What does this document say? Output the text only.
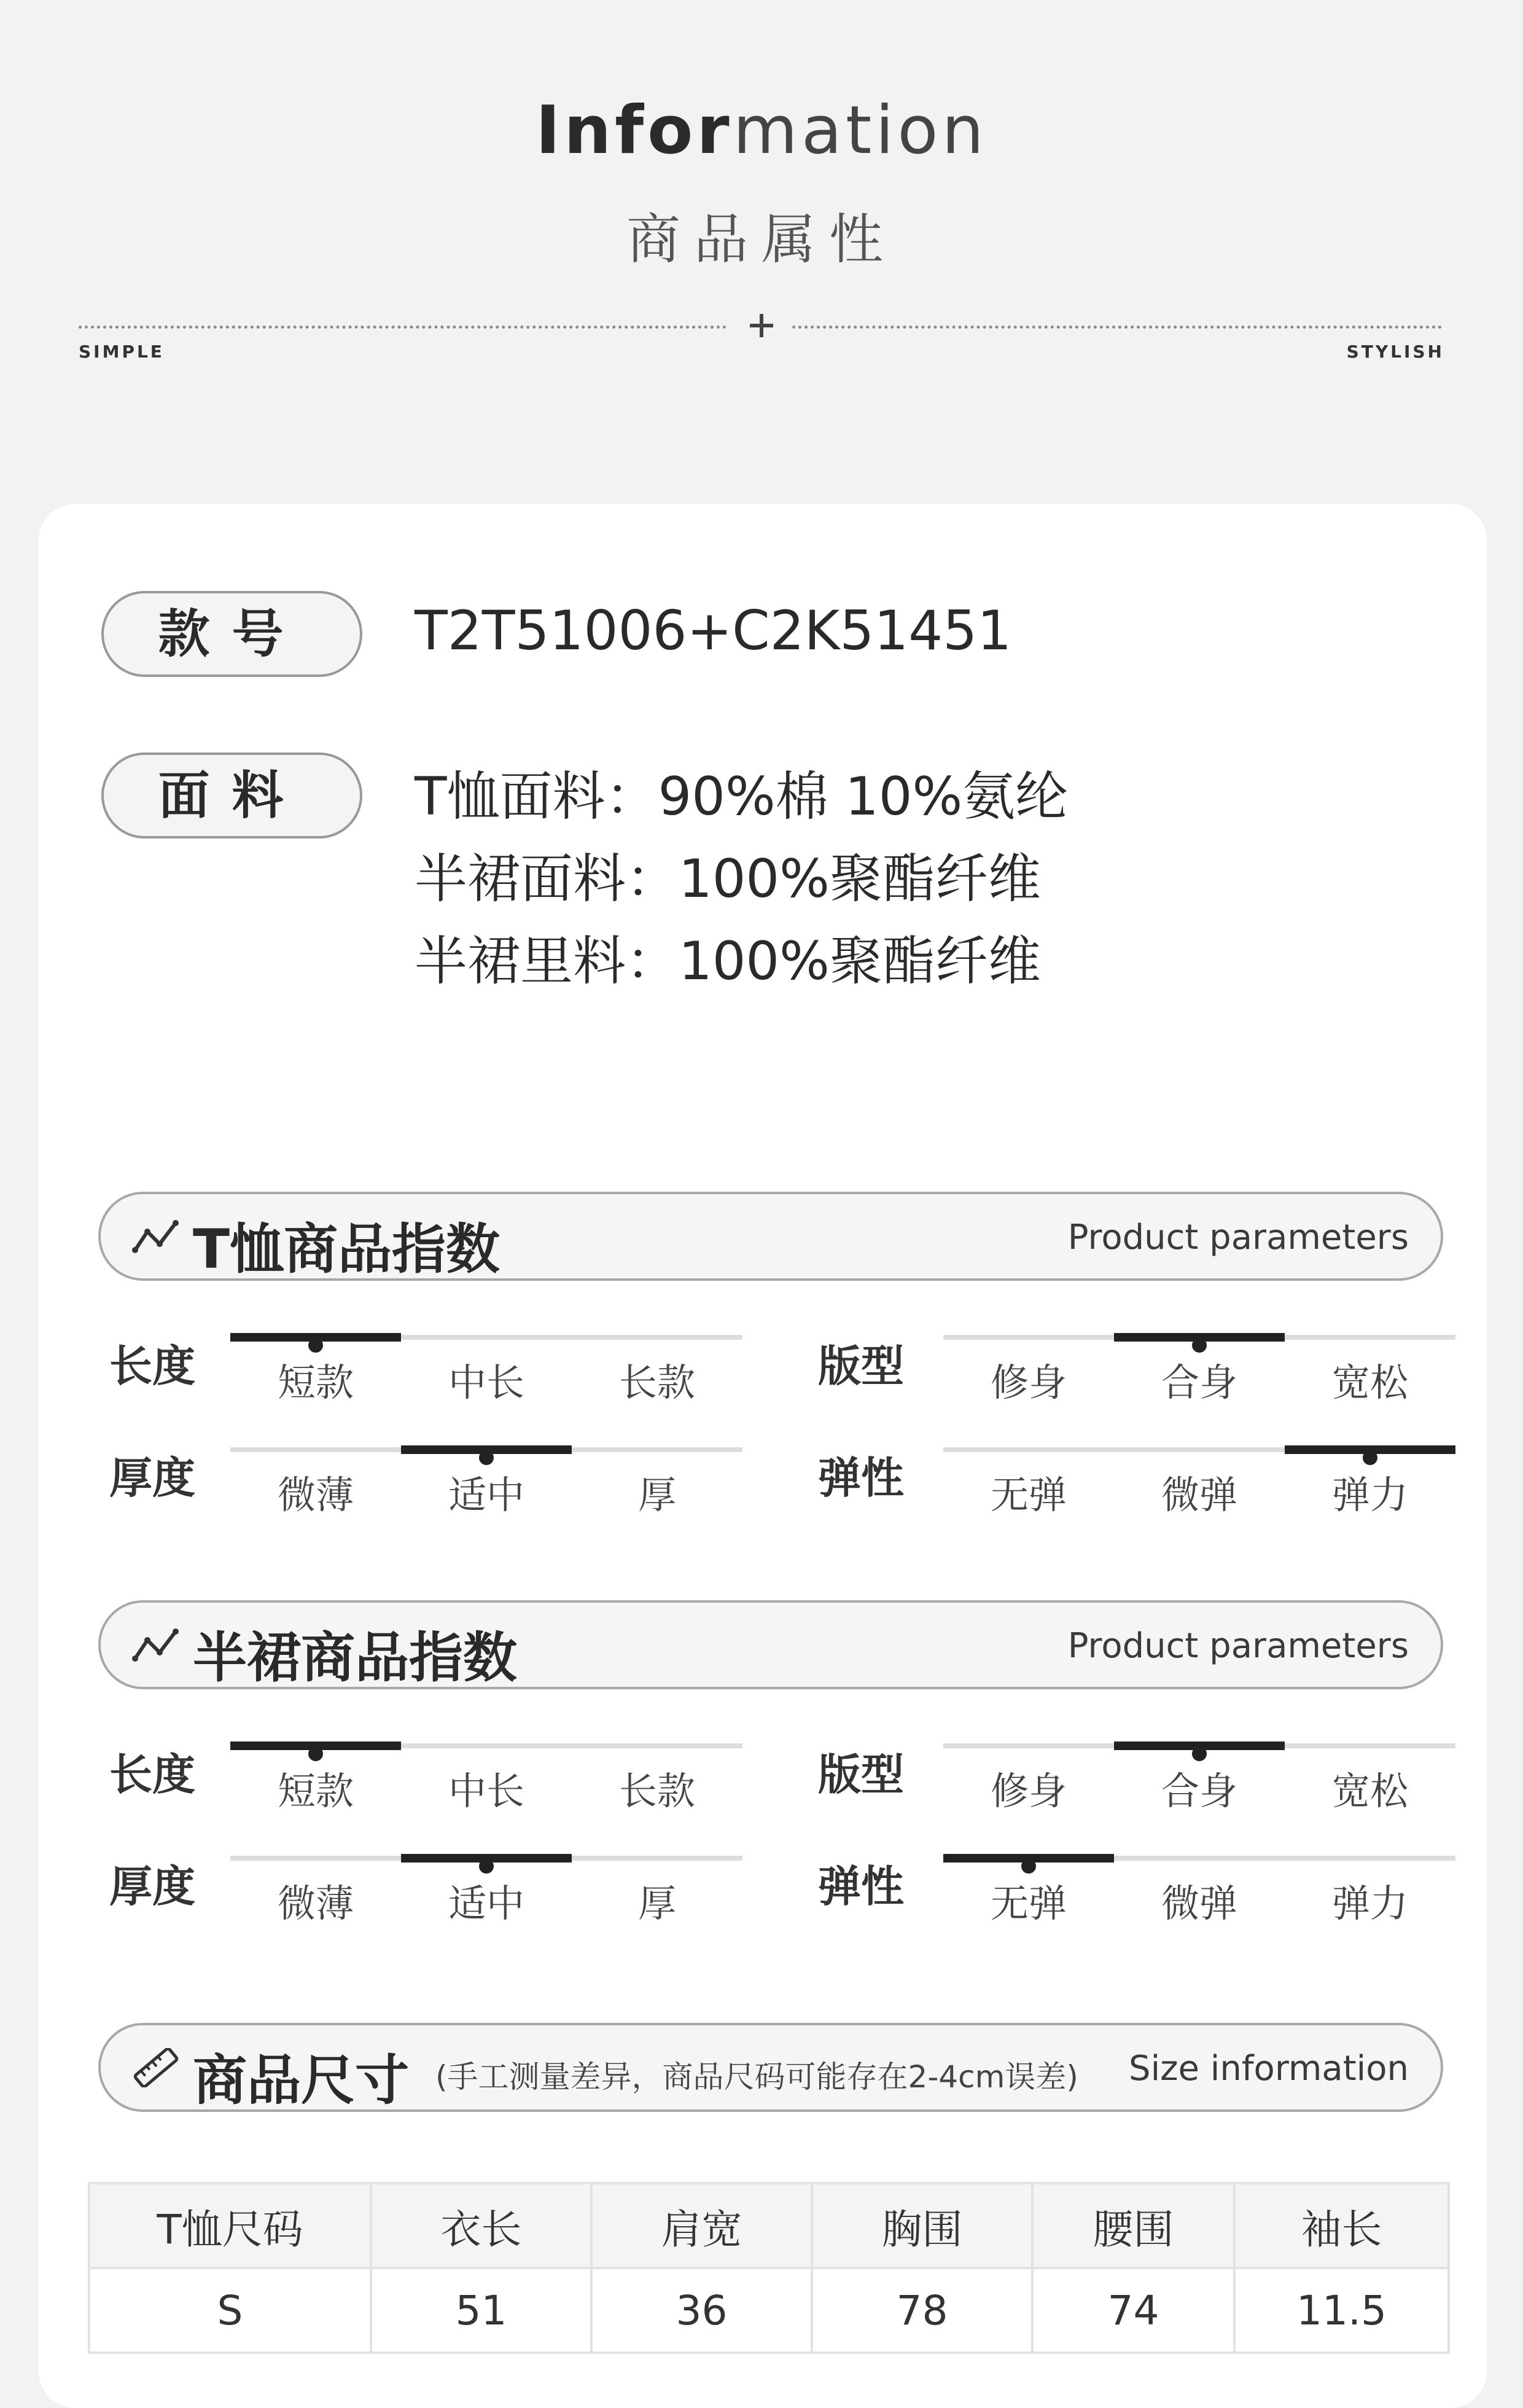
Information
商品属性
SIMPLE	STYLISH
款号	T2T51006+C2K51451
面料	T恤面料：90%棉 10%氨纶
半裙面料：100%聚酯纤维
半裙里料：100%聚酯纤维
T恤商品指数	Product parameters
长度	短款	中长	长款	版型	修身	合身	宽松
厚度	微薄	适中	厚	弹性	无弹	微弹	弹力
半裙商品指数	Product parameters
长度	短款	中长	长款	版型	修身	合身	宽松
厚度	微薄	适中	厚	弹性	无弹	微弹	弹力
商品尺寸 (手工测量差异，商品尺码可能存在2-4cm误差) Size information
T恤尺码	衣长	肩宽	胸围	腰围	袖长
S	51	36	78	74	11.5
